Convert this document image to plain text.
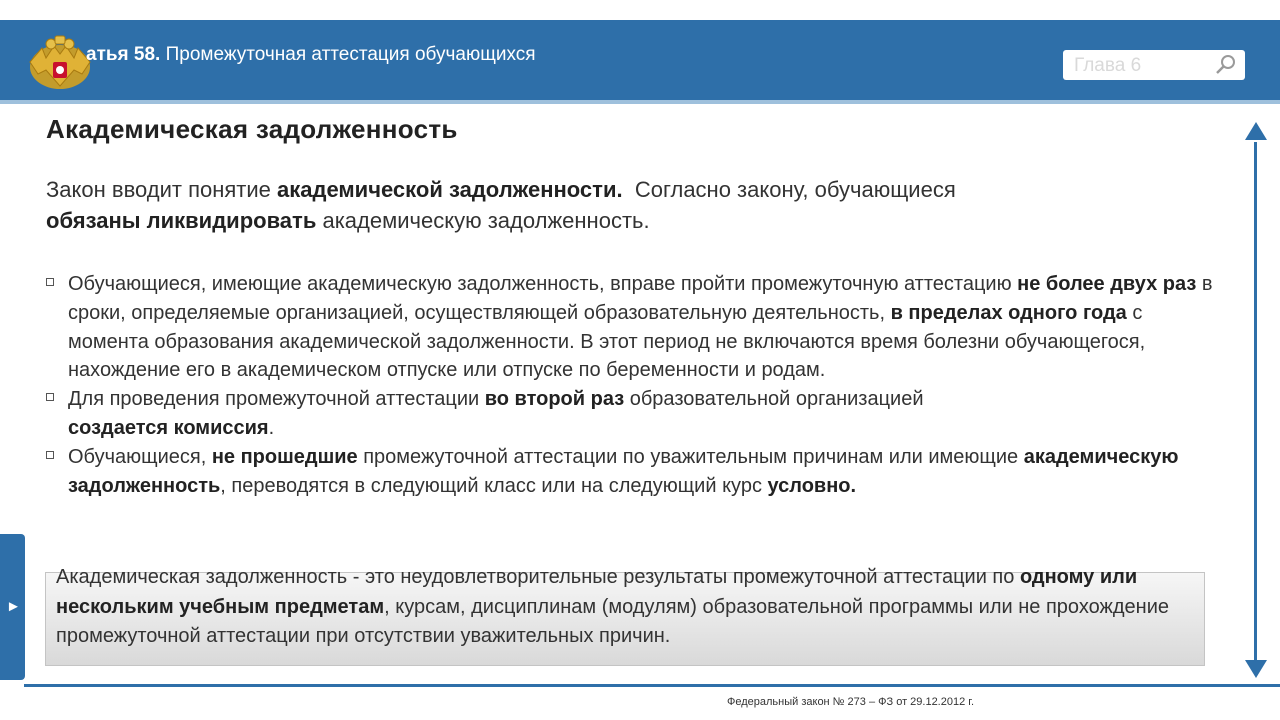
атья 58. Промежуточная аттестация обучающихся
Глава 6
Академическая задолженность
Закон вводит понятие академической задолженности.  Согласно закону, обучающиеся
обязаны ликвидировать академическую задолженность.
Обучающиеся, имеющие академическую задолженность, вправе пройти промежуточную аттестацию не более двух раз в сроки, определяемые организацией, осуществляющей образовательную деятельность, в пределах одного года с момента образования академической задолженности. В этот период не включаются время болезни обучающегося, нахождение его в академическом отпуске или отпуске по беременности и родам.
Для проведения промежуточной аттестации во второй раз образовательной организацией
создается комиссия.
Обучающиеся, не прошедшие промежуточной аттестации по уважительным причинам или имеющие академическую задолженность, переводятся в следующий класс или на следующий курс условно.
Академическая задолженность - это неудовлетворительные результаты промежуточной аттестации по одному или нескольким учебным предметам, курсам, дисциплинам (модулям) образовательной программы или не прохождение промежуточной аттестации при отсутствии уважительных причин.
►
Федеральный закон № 273 – ФЗ от 29.12.2012 г.
